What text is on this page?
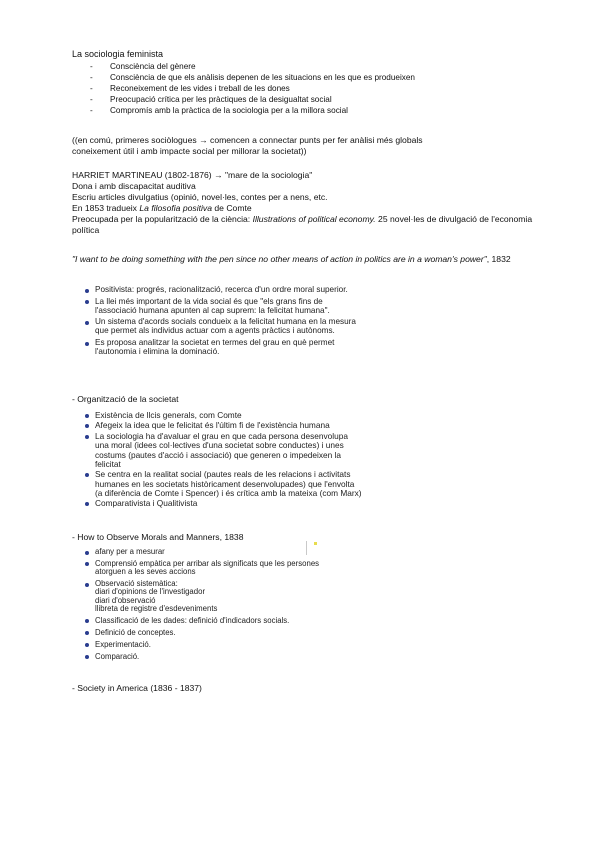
La sociologia feminista
- Consciència del gènere
- Consciència de que els anàlisis depenen de les situacions en les que es produeixen
- Reconeixement de les vides i treball de les dones
- Preocupació crítica per les pràctiques de la desigualtat social
- Compromís amb la pràctica de la sociologia per a la millora social
((en comú, primeres sociòlogues → comencen a connectar punts per fer anàlisi més globals
coneixement útil i amb impacte social per millorar la societat))
HARRIET MARTINEAU (1802-1876) → "mare de la sociologia"
Dona i amb discapacitat auditiva
Escriu articles divulgatius (opinió, novel·les, contes per a nens, etc.
En 1853 tradueix La filosofia positiva de Comte
Preocupada per la popularització de la ciència: Illustrations of political economy. 25 novel·les de divulgació de l'economia política
"I want to be doing something with the pen since no other means of action in politics are in a woman's power", 1832
Positivista: progrés, racionalització, recerca d'un ordre moral superior.
La llei més important de la vida social és que "els grans fins de l'associació humana apunten al cap suprem: la felicitat humana".
Un sistema d'acords socials condueix a la felicitat humana en la mesura que permet als individus actuar com a agents pràctics i autònoms.
Es proposa analitzar la societat en termes del grau en què permet l'autonomia i elimina la dominació.
- Organització de la societat
Existència de llcis generals, com Comte
Afegeix la idea que le felicitat és l'últim fi de l'existència humana
La sociologia ha d'avaluar el grau en que cada persona desenvolupa una moral (idees col·lectives d'una societat sobre conductes) i unes costums (pautes d'acció i associació) que generen o impedeixen la felicitat
Se centra en la realitat social (pautes reals de les relacions i activitats humanes en les societats històricament desenvolupades) que l'envolta (a diferència de Comte i Spencer) i és crítica amb la mateixa (com Marx)
Comparativista i Qualitivista
- How to Observe Morals and Manners, 1838
afany per a mesurar
Comprensió empàtica per arribar als significats que les persones atorguen a les seves accions
Observació sistemàtica:
diari d'opinions de l'investigador
diari d'observació
llibreta de registre d'esdeveniments
Classificació de les dades: definició d'indicadors socials.
Definició de conceptes.
Experimentació.
Comparació.
- Society in America (1836 - 1837)
